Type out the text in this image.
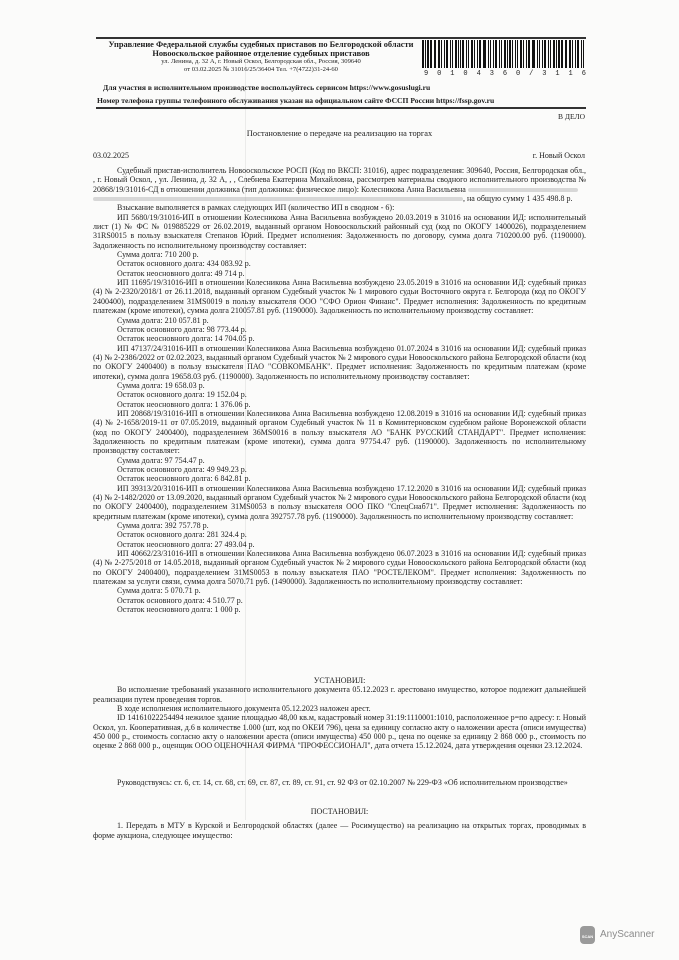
Управление Федеральной службы судебных приставов по Белгородской области
Новооскольское районное отделение судебных приставов
ул. Ленина, д. 32 А, г. Новый Оскол, Белгородская обл., Россия, 309640
от 03.02.2025 № 31016/25/36404 Тел. +7(4722)31-24-60
9 0 1 0 4 3 6 0 / 3 1 1 6
Для участия в исполнительном производстве воспользуйтесь сервисом https://www.gosuslugi.ru
Номер телефона группы телефонного обслуживания указан на официальном сайте ФССП России https://fssp.gov.ru
В ДЕЛО
Постановление о передаче на реализацию на торгах
03.02.2025	г. Новый Оскол

Судебный пристав-исполнитель Новооскольское РОСП (Код по ВКСП: 31016), адрес подразделения: 309640, Россия, Белгородская обл., , г. Новый Оскол, , ул. Ленина, д. 32 А, , , Слебнева Екатерина Михайловна, рассмотрев материалы сводного исполнительного производства № 20868/19/31016-СД в отношении должника (тип должника: физическое лицо): Колесникова Анна Васильевна
, на общую сумму 1 435 498.8 р.

Взыскание выполняется в рамках следующих ИП (количество ИП в сводном - 6):

ИП 5680/19/31016-ИП в отношении Колесникова Анна Васильевна возбуждено 20.03.2019 в 31016 на основании ИД: исполнительный лист (1) № ФС № 019885229 от 26.02.2019, выданный органом Новооскольский районный суд (код по ОКОГУ 1400026), подразделением 31RS0015 в пользу взыскателя Степанов Юрий. Предмет исполнения: Задолженность по договору, сумма долга 710200.00 руб. (1190000). Задолженность по исполнительному производству составляет:

Сумма долга: 710 200 р.

Остаток основного долга: 434 083.92 р.

Остаток неосновного долга: 49 714 р.

ИП 11695/19/31016-ИП в отношении Колесникова Анна Васильевна возбуждено 23.05.2019 в 31016 на основании ИД: судебный приказ (4) № 2-2320/2018/1 от 26.11.2018, выданный органом Судебный участок № 1 мирового судьи Восточного округа г. Белгорода (код по ОКОГУ 2400400), подразделением 31MS0019 в пользу взыскателя ООО "СФО Орион Финанс". Предмет исполнения: Задолженность по кредитным платежам (кроме ипотеки), сумма долга 210057.81 руб. (1190000). Задолженность по исполнительному производству составляет:

Сумма долга: 210 057.81 р.

Остаток основного долга: 98 773.44 р.

Остаток неосновного долга: 14 704.05 р.

ИП 47137/24/31016-ИП в отношении Колесникова Анна Васильевна возбуждено 01.07.2024 в 31016 на основании ИД: судебный приказ (4) № 2-2386/2022 от 02.02.2023, выданный органом Судебный участок № 2 мирового судьи Новооскольского района Белгородской области (код по ОКОГУ 2400400) в пользу взыскателя ПАО "СОВКОМБАНК". Предмет исполнения: Задолженность по кредитным платежам (кроме ипотеки), сумма долга 19658.03 руб. (1190000). Задолженность по исполнительному производству составляет:

Сумма долга: 19 658.03 р.

Остаток основного долга: 19 152.04 р.

Остаток неосновного долга: 1 376.06 р.

ИП 20868/19/31016-ИП в отношении Колесникова Анна Васильевна возбуждено 12.08.2019 в 31016 на основании ИД: судебный приказ (4) № 2-1658/2019-11 от 07.05.2019, выданный органом Судебный участок № 11 в Коминтерновском судебном районе Воронежской области (код по ОКОГУ 2400400), подразделением 36MS0016 в пользу взыскателя АО "БАНК РУССКИЙ СТАНДАРТ". Предмет исполнения: Задолженность по кредитным платежам (кроме ипотеки), сумма долга 97754.47 руб. (1190000). Задолженность по исполнительному производству составляет:

Сумма долга: 97 754.47 р.

Остаток основного долга: 49 949.23 р.

Остаток неосновного долга: 6 842.81 р.

ИП 39313/20/31016-ИП в отношении Колесникова Анна Васильевна возбуждено 17.12.2020 в 31016 на основании ИД: судебный приказ (4) № 2-1482/2020 от 13.09.2020, выданный органом Судебный участок № 2 мирового судьи Новооскольского района Белгородской области (код по ОКОГУ 2400400), подразделением 31MS0053 в пользу взыскателя ООО ПКО "СпецСнаб71". Предмет исполнения: Задолженность по кредитным платежам (кроме ипотеки), сумма долга 392757.78 руб. (1190000). Задолженность по исполнительному производству составляет:

Сумма долга: 392 757.78 р.

Остаток основного долга: 281 324.4 р.

Остаток неосновного долга: 27 493.04 р.

ИП 40662/23/31016-ИП в отношении Колесникова Анна Васильевна возбуждено 06.07.2023 в 31016 на основании ИД: судебный приказ (4) № 2-275/2018 от 14.05.2018, выданный органом Судебный участок № 2 мирового судьи Новооскольского района Белгородской области (код по ОКОГУ 2400400), подразделением 31MS0053 в пользу взыскателя ПАО "РОСТЕЛЕКОМ". Предмет исполнения: Задолженность по платежам за услуги связи, сумма долга 5070.71 руб. (1490000). Задолженность по исполнительному производству составляет:

Сумма долга: 5 070.71 р.

Остаток основного долга: 4 510.77 р.

Остаток неосновного долга: 1 000 р.

УСТАНОВИЛ:

Во исполнение требований указанного исполнительного документа 05.12.2023 г. арестовано имущество, которое подлежит дальнейшей реализации путем проведения торгов.

В ходе исполнения исполнительного документа 05.12.2023 наложен арест.

ID 14161022254494 нежилое здание площадью 48,00 кв.м, кадастровый номер 31:19:1110001:1010, расположенное р=по адресу: г. Новый Оскол, ул. Кооперативная, д.6 в количестве 1.000 (шт, код по ОКЕИ 796), цена за единицу согласно акту о наложении ареста (описи имущества) 450 000 р., стоимость согласно акту о наложении ареста (описи имущества) 450 000 р., цена по оценке за единицу 2 868 000 р., стоимость по оценке 2 868 000 р., оценщик ООО ОЦЕНОЧНАЯ ФИРМА "ПРОФЕССИОНАЛ", дата отчета 15.12.2024, дата утверждения оценки 23.12.2024.

Руководствуясь: ст. 6, ст. 14, ст. 68, ст. 69, ст. 87, ст. 89, ст. 91, ст. 92 ФЗ от 02.10.2007 № 229-ФЗ «Об исполнительном производстве»

ПОСТАНОВИЛ:

1. Передать в МТУ в Курской и Белгородской областях (далее — Росимущество) на реализацию на открытых торгах, проводимых в форме аукциона, следующее имущество:

SCAN AnyScanner
